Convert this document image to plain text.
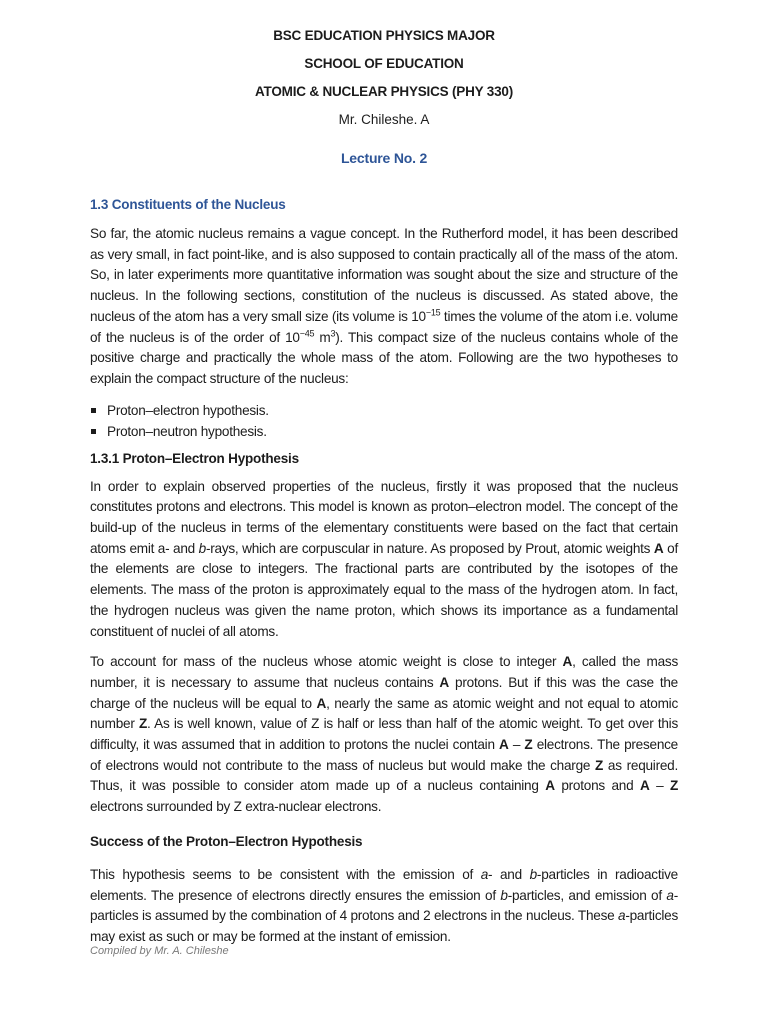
BSC EDUCATION PHYSICS MAJOR
SCHOOL OF EDUCATION
ATOMIC & NUCLEAR PHYSICS (PHY 330)
Mr. Chileshe. A
Lecture No. 2
1.3 Constituents of the Nucleus

So far, the atomic nucleus remains a vague concept. In the Rutherford model, it has been described as very small, in fact point-like, and is also supposed to contain practically all of the mass of the atom. So, in later experiments more quantitative information was sought about the size and structure of the nucleus. In the following sections, constitution of the nucleus is discussed. As stated above, the nucleus of the atom has a very small size (its volume is $10^{-15}$ times the volume of the atom i.e. volume of the nucleus is of the order of $10^{-45}$ $m^3$). This compact size of the nucleus contains whole of the positive charge and practically the whole mass of the atom. Following are the two hypotheses to explain the compact structure of the nucleus:

Proton–electron hypothesis.
Proton–neutron hypothesis.
1.3.1 Proton–Electron Hypothesis

In order to explain observed properties of the nucleus, firstly it was proposed that the nucleus constitutes protons and electrons. This model is known as proton–electron model. The concept of the build-up of the nucleus in terms of the elementary constituents were based on the fact that certain atoms emit a- and b-rays, which are corpuscular in nature. As proposed by Prout, atomic weights A of the elements are close to integers. The fractional parts are contributed by the isotopes of the elements. The mass of the proton is approximately equal to the mass of the hydrogen atom. In fact, the hydrogen nucleus was given the name proton, which shows its importance as a fundamental constituent of nuclei of all atoms.

To account for mass of the nucleus whose atomic weight is close to integer A, called the mass number, it is necessary to assume that nucleus contains A protons. But if this was the case the charge of the nucleus will be equal to A, nearly the same as atomic weight and not equal to atomic number Z. As is well known, value of Z is half or less than half of the atomic weight. To get over this difficulty, it was assumed that in addition to protons the nuclei contain A – Z electrons. The presence of electrons would not contribute to the mass of nucleus but would make the charge Z as required. Thus, it was possible to consider atom made up of a nucleus containing A protons and A – Z electrons surrounded by Z extra-nuclear electrons.

Success of the Proton–Electron Hypothesis

This hypothesis seems to be consistent with the emission of a- and b-particles in radioactive elements. The presence of electrons directly ensures the emission of b-particles, and emission of a-particles is assumed by the combination of 4 protons and 2 electrons in the nucleus. These a-particles may exist as such or may be formed at the instant of emission.

Compiled by Mr. A. Chileshe
